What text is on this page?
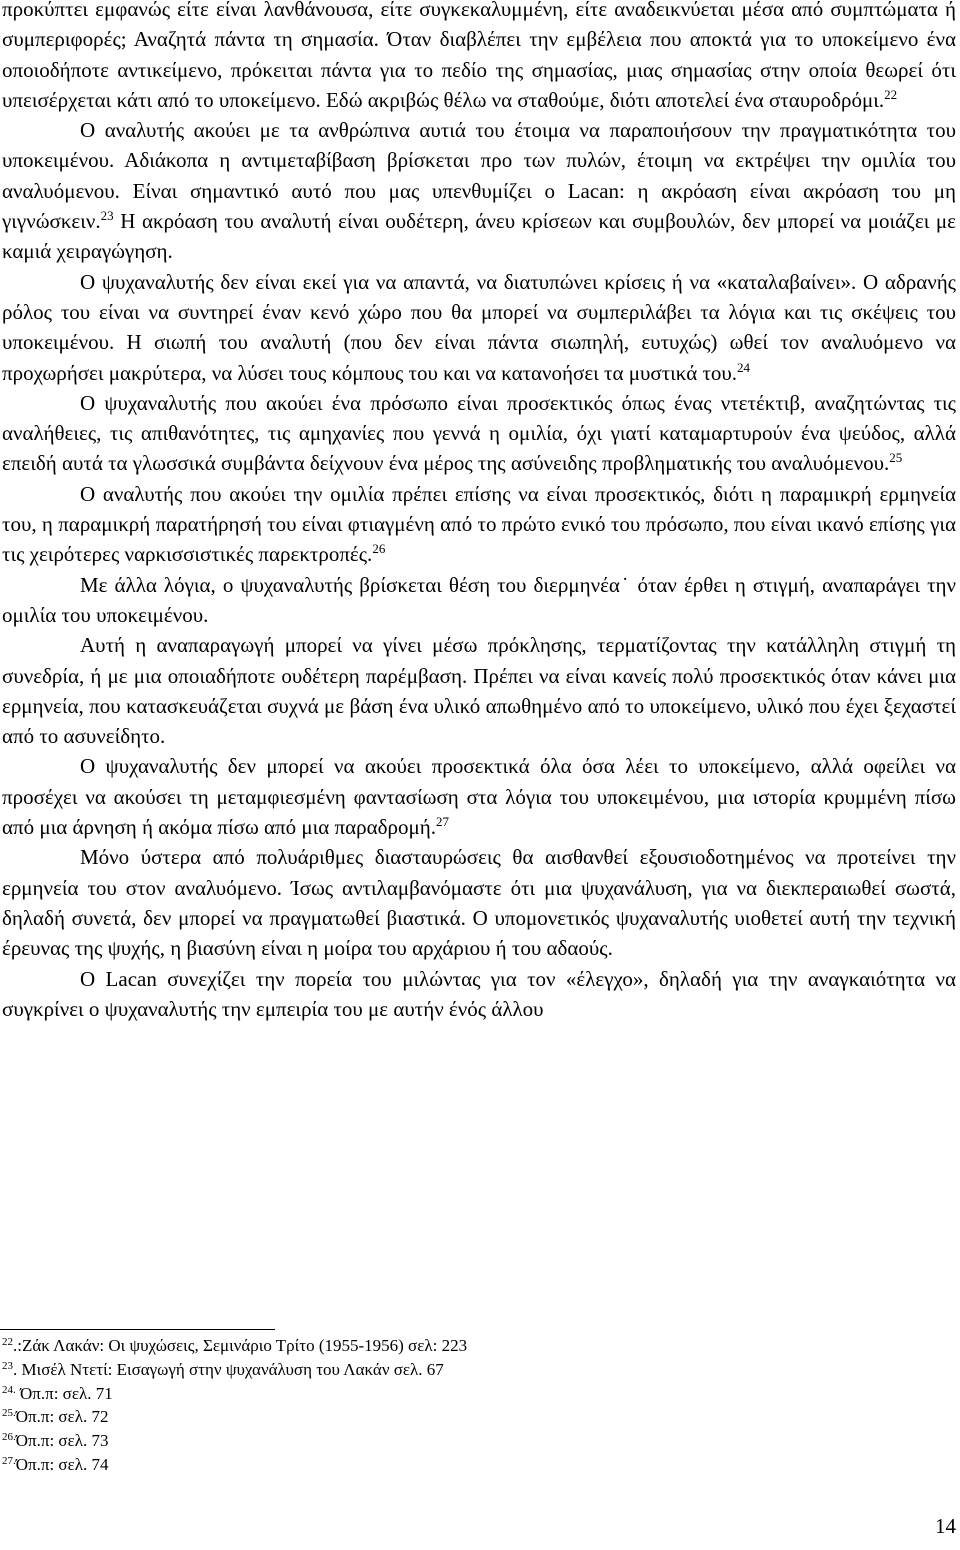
προκύπτει εμφανώς είτε είναι λανθάνουσα, είτε συγκεκαλυμμένη, είτε αναδεικνύεται μέσα από συμπτώματα ή συμπεριφορές; Αναζητά πάντα τη σημασία. Όταν διαβλέπει την εμβέλεια που αποκτά για το υποκείμενο ένα οποιοδήποτε αντικείμενο, πρόκειται πάντα για το πεδίο της σημασίας, μιας σημασίας στην οποία θεωρεί ότι υπεισέρχεται κάτι από το υποκείμενο. Εδώ ακριβώς θέλω να σταθούμε, διότι αποτελεί ένα σταυροδρόμι.$^{22}$

Ο αναλυτής ακούει με τα ανθρώπινα αυτιά του έτοιμα να παραποιήσουν την πραγματικότητα του υποκειμένου. Αδιάκοπα η αντιμεταβίβαση βρίσκεται προ των πυλών, έτοιμη να εκτρέψει την ομιλία του αναλυόμενου. Είναι σημαντικό αυτό που μας υπενθυμίζει ο Lacan: η ακρόαση είναι ακρόαση του μη γιγνώσκειν.$^{23}$ Η ακρόαση του αναλυτή είναι ουδέτερη, άνευ κρίσεων και συμβουλών, δεν μπορεί να μοιάζει με καμιά χειραγώγηση.

Ο ψυχαναλυτής δεν είναι εκεί για να απαντά, να διατυπώνει κρίσεις ή να «καταλαβαίνει». Ο αδρανής ρόλος του είναι να συντηρεί έναν κενό χώρο που θα μπορεί να συμπεριλάβει τα λόγια και τις σκέψεις του υποκειμένου. Η σιωπή του αναλυτή (που δεν είναι πάντα σιωπηλή, ευτυχώς) ωθεί τον αναλυόμενο να προχωρήσει μακρύτερα, να λύσει τους κόμπους του και να κατανοήσει τα μυστικά του.$^{24}$

Ο ψυχαναλυτής που ακούει ένα πρόσωπο είναι προσεκτικός όπως ένας ντετέκτιβ, αναζητώντας τις αναλήθειες, τις απιθανότητες, τις αμηχανίες που γεννά η ομιλία, όχι γιατί καταμαρτυρούν ένα ψεύδος, αλλά επειδή αυτά τα γλωσσικά συμβάντα δείχνουν ένα μέρος της ασύνειδης προβληματικής του αναλυόμενου.$^{25}$

Ο αναλυτής που ακούει την ομιλία πρέπει επίσης να είναι προσεκτικός, διότι η παραμικρή ερμηνεία του, η παραμικρή παρατήρησή του είναι φτιαγμένη από το πρώτο ενικό του πρόσωπο, που είναι ικανό επίσης για τις χειρότερες ναρκισσιστικές παρεκτροπές.$^{26}$

Με άλλα λόγια, ο ψυχαναλυτής βρίσκεται θέση του διερμηνέα˙ όταν έρθει η στιγμή, αναπαράγει την ομιλία του υποκειμένου.

Αυτή η αναπαραγωγή μπορεί να γίνει μέσω πρόκλησης, τερματίζοντας την κατάλληλη στιγμή τη συνεδρία, ή με μια οποιαδήποτε ουδέτερη παρέμβαση. Πρέπει να είναι κανείς πολύ προσεκτικός όταν κάνει μια ερμηνεία, που κατασκευάζεται συχνά με βάση ένα υλικό απωθημένο από το υποκείμενο, υλικό που έχει ξεχαστεί από το ασυνείδητο.

Ο ψυχαναλυτής δεν μπορεί να ακούει προσεκτικά όλα όσα λέει το υποκείμενο, αλλά οφείλει να προσέχει να ακούσει τη μεταμφιεσμένη φαντασίωση στα λόγια του υποκειμένου, μια ιστορία κρυμμένη πίσω από μια άρνηση ή ακόμα πίσω από μια παραδρομή.$^{27}$

Μόνο ύστερα από πολυάριθμες διασταυρώσεις θα αισθανθεί εξουσιοδοτημένος να προτείνει την ερμηνεία του στον αναλυόμενο. Ίσως αντιλαμβανόμαστε ότι μια ψυχανάλυση, για να διεκπεραιωθεί σωστά, δηλαδή συνετά, δεν μπορεί να πραγματωθεί βιαστικά. Ο υπομονετικός ψυχαναλυτής υιοθετεί αυτή την τεχνική έρευνας της ψυχής, η βιασύνη είναι η μοίρα του αρχάριου ή του αδαούς.

Ο Lacan συνεχίζει την πορεία του μιλώντας για τον «έλεγχο», δηλαδή για την αναγκαιότητα να συγκρίνει ο ψυχαναλυτής την εμπειρία του με αυτήν ένός άλλου

$^{22}$.:Ζάκ Λακάν: Οι ψυχώσεις, Σεμινάριο Τρίτο (1955-1956) σελ: 223
$^{23}$. Μισέλ Ντετί: Εισαγωγή στην ψυχανάλυση του Λακάν σελ. 67
$^{24.}$ Όπ.π: σελ. 71
$^{25.}$Όπ.π: σελ. 72
$^{26.}$Όπ.π: σελ. 73
$^{27.}$Όπ.π: σελ. 74
14
